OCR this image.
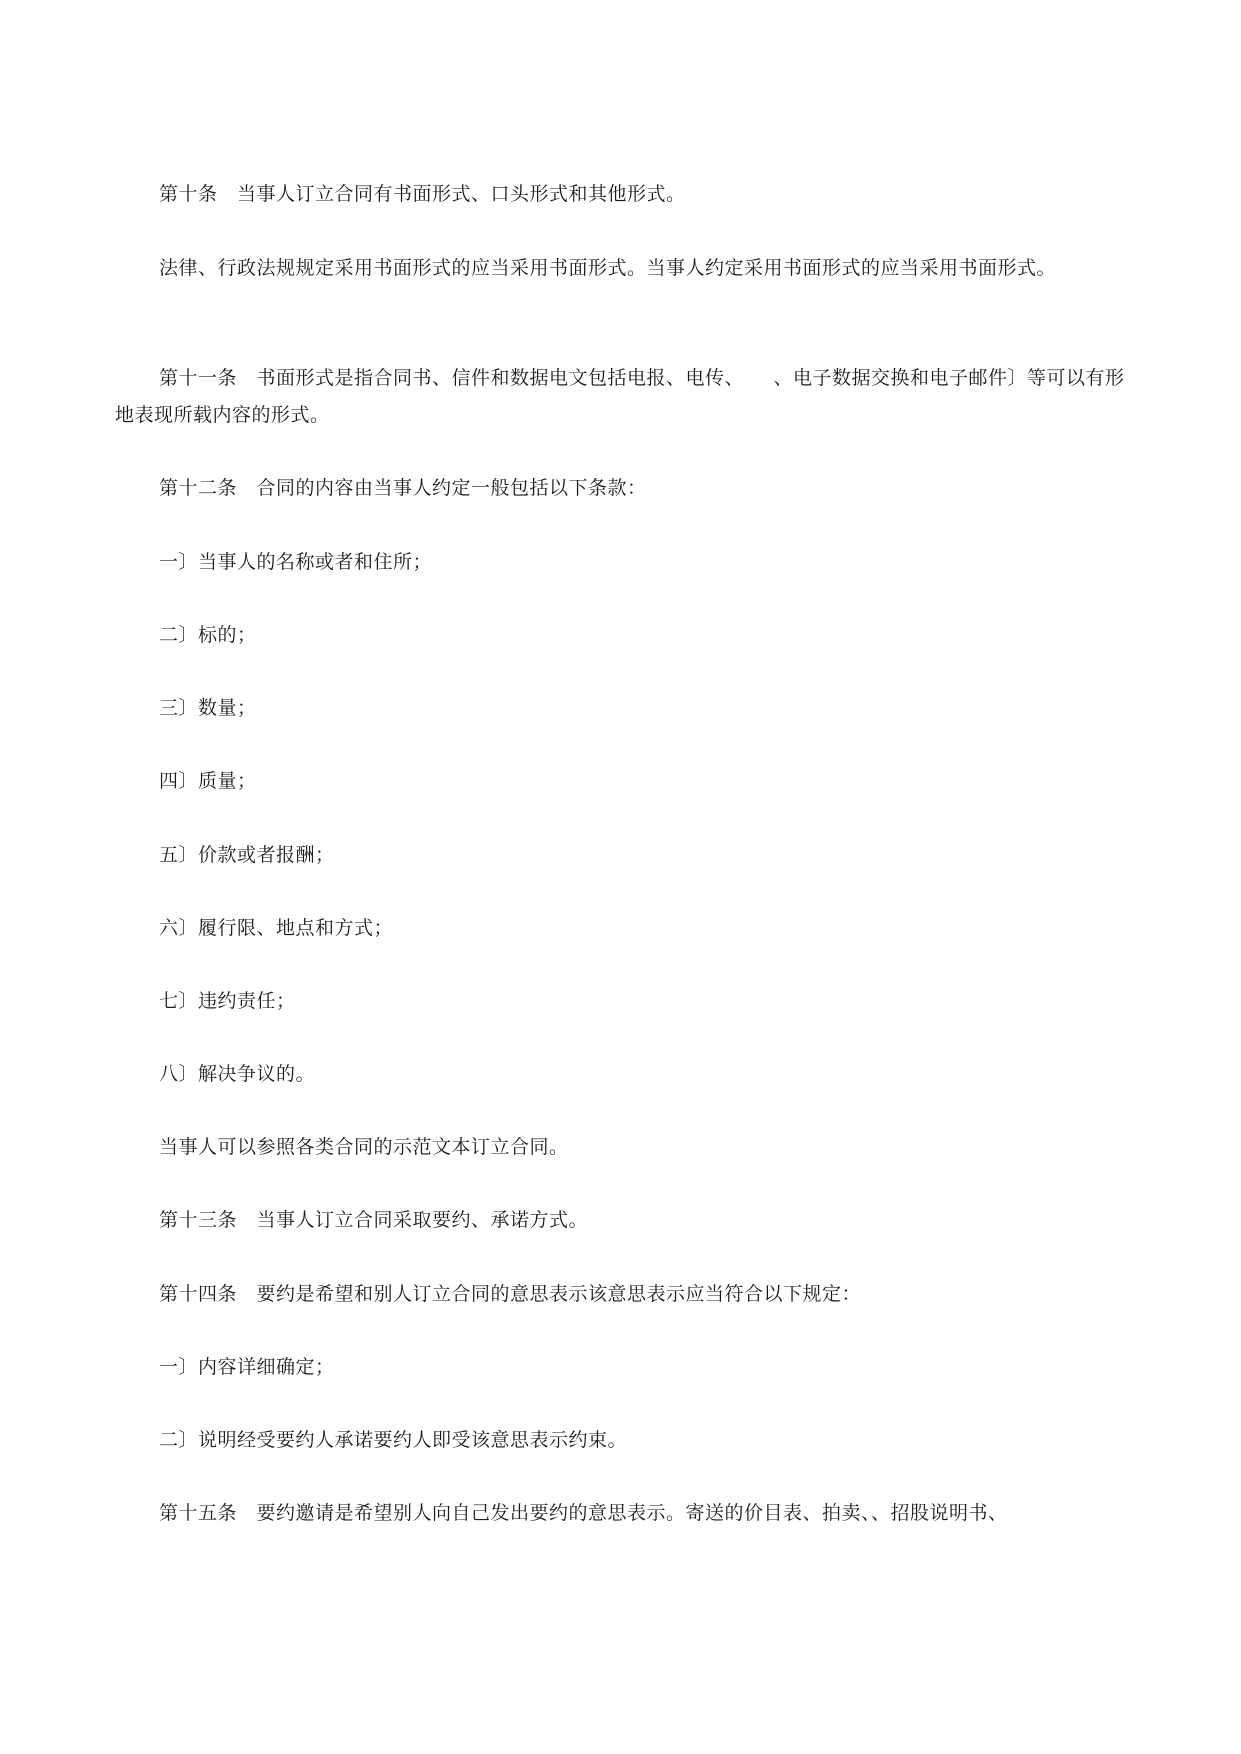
第十条　当事人订立合同有书面形式、口头形式和其他形式。

法律、行政法规规定采用书面形式的应当采用书面形式。当事人约定采用书面形式的应当采用书面形式。

第十一条　书面形式是指合同书、信件和数据电文包括电报、电传、　　、电子数据交换和电子邮件〕等可以有形地表现所载内容的形式。

第十二条　合同的内容由当事人约定一般包括以下条款：

一〕当事人的名称或者和住所；

二〕标的；

三〕数量；

四〕质量；

五〕价款或者报酬；

六〕履行限、地点和方式；

七〕违约责任；

八〕解决争议的。

当事人可以参照各类合同的示范文本订立合同。

第十三条　当事人订立合同采取要约、承诺方式。

第十四条　要约是希望和别人订立合同的意思表示该意思表示应当符合以下规定：

一〕内容详细确定；

二〕说明经受要约人承诺要约人即受该意思表示约束。

第十五条　要约邀请是希望别人向自己发出要约的意思表示。寄送的价目表、拍卖、、招股说明书、
